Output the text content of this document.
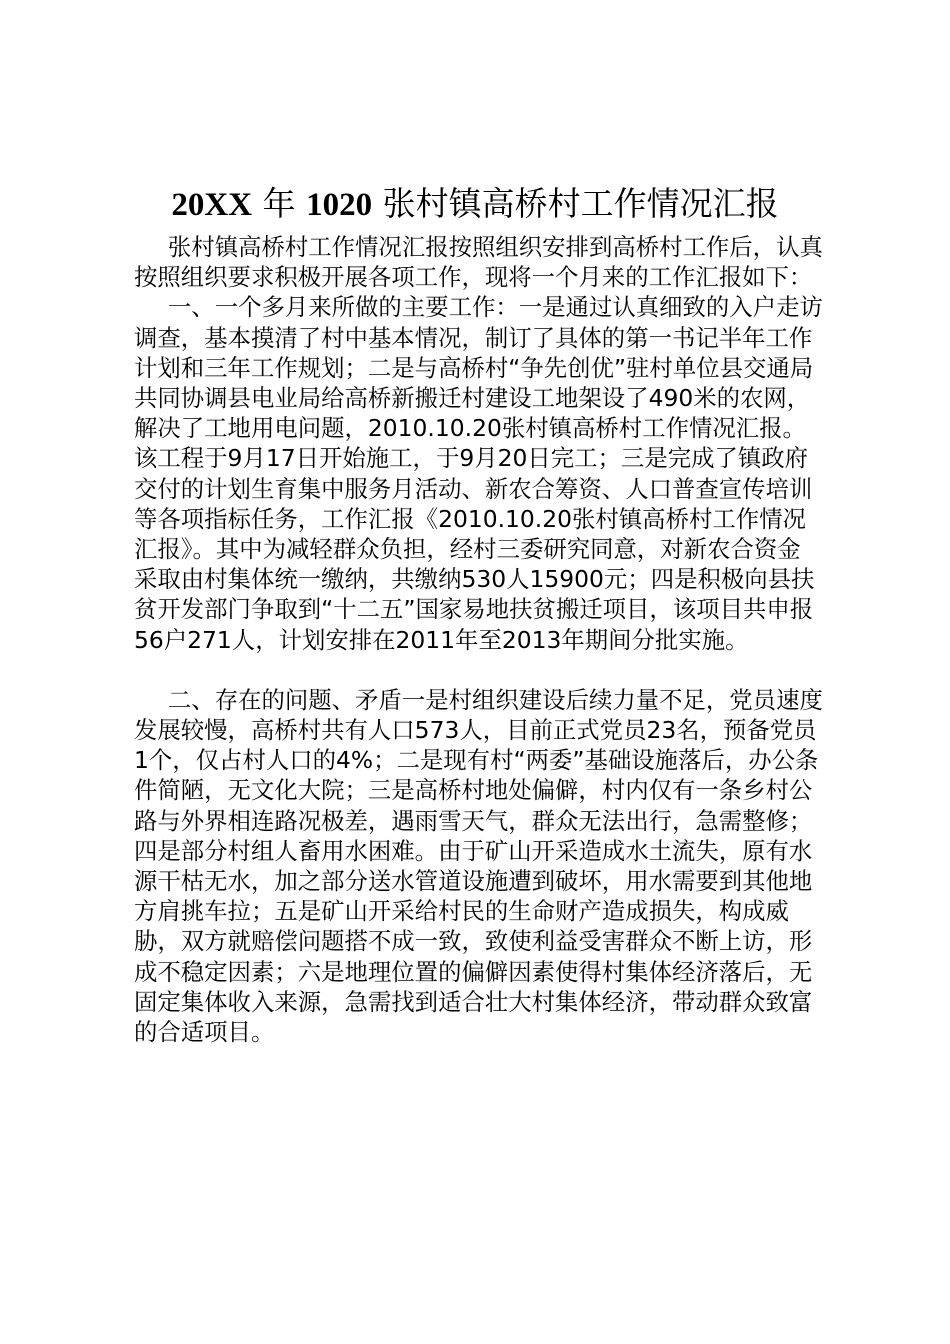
20XX 年 1020 张村镇高桥村工作情况汇报

张村镇高桥村工作情况汇报按照组织安排到高桥村工作后，认真按照组织要求积极开展各项工作，现将一个月来的工作汇报如下：

一、一个多月来所做的主要工作：一是通过认真细致的入户走访调查，基本摸清了村中基本情况，制订了具体的第一书记半年工作计划和三年工作规划；二是与高桥村“争先创优”驻村单位县交通局共同协调县电业局给高桥新搬迁村建设工地架设了490米的农网，解决了工地用电问题，2010.10.20张村镇高桥村工作情况汇报。该工程于9月17日开始施工，于9月20日完工；三是完成了镇政府交付的计划生育集中服务月活动、新农合筹资、人口普查宣传培训等各项指标任务，工作汇报《2010.10.20张村镇高桥村工作情况汇报》。其中为减轻群众负担，经村三委研究同意，对新农合资金采取由村集体统一缴纳，共缴纳530人15900元；四是积极向县扶贫开发部门争取到“十二五”国家易地扶贫搬迁项目，该项目共申报56户271人，计划安排在2011年至2013年期间分批实施。

二、存在的问题、矛盾一是村组织建设后续力量不足，党员速度发展较慢，高桥村共有人口573人，目前正式党员23名，预备党员1个，仅占村人口的4%；二是现有村“两委”基础设施落后，办公条件简陋，无文化大院；三是高桥村地处偏僻，村内仅有一条乡村公路与外界相连路况极差，遇雨雪天气，群众无法出行，急需整修；四是部分村组人畜用水困难。由于矿山开采造成水土流失，原有水源干枯无水，加之部分送水管道设施遭到破坏，用水需要到其他地方肩挑车拉；五是矿山开采给村民的生命财产造成损失，构成威胁，双方就赔偿问题搭不成一致，致使利益受害群众不断上访，形成不稳定因素；六是地理位置的偏僻因素使得村集体经济落后，无固定集体收入来源，急需找到适合壮大村集体经济，带动群众致富的合适项目。
